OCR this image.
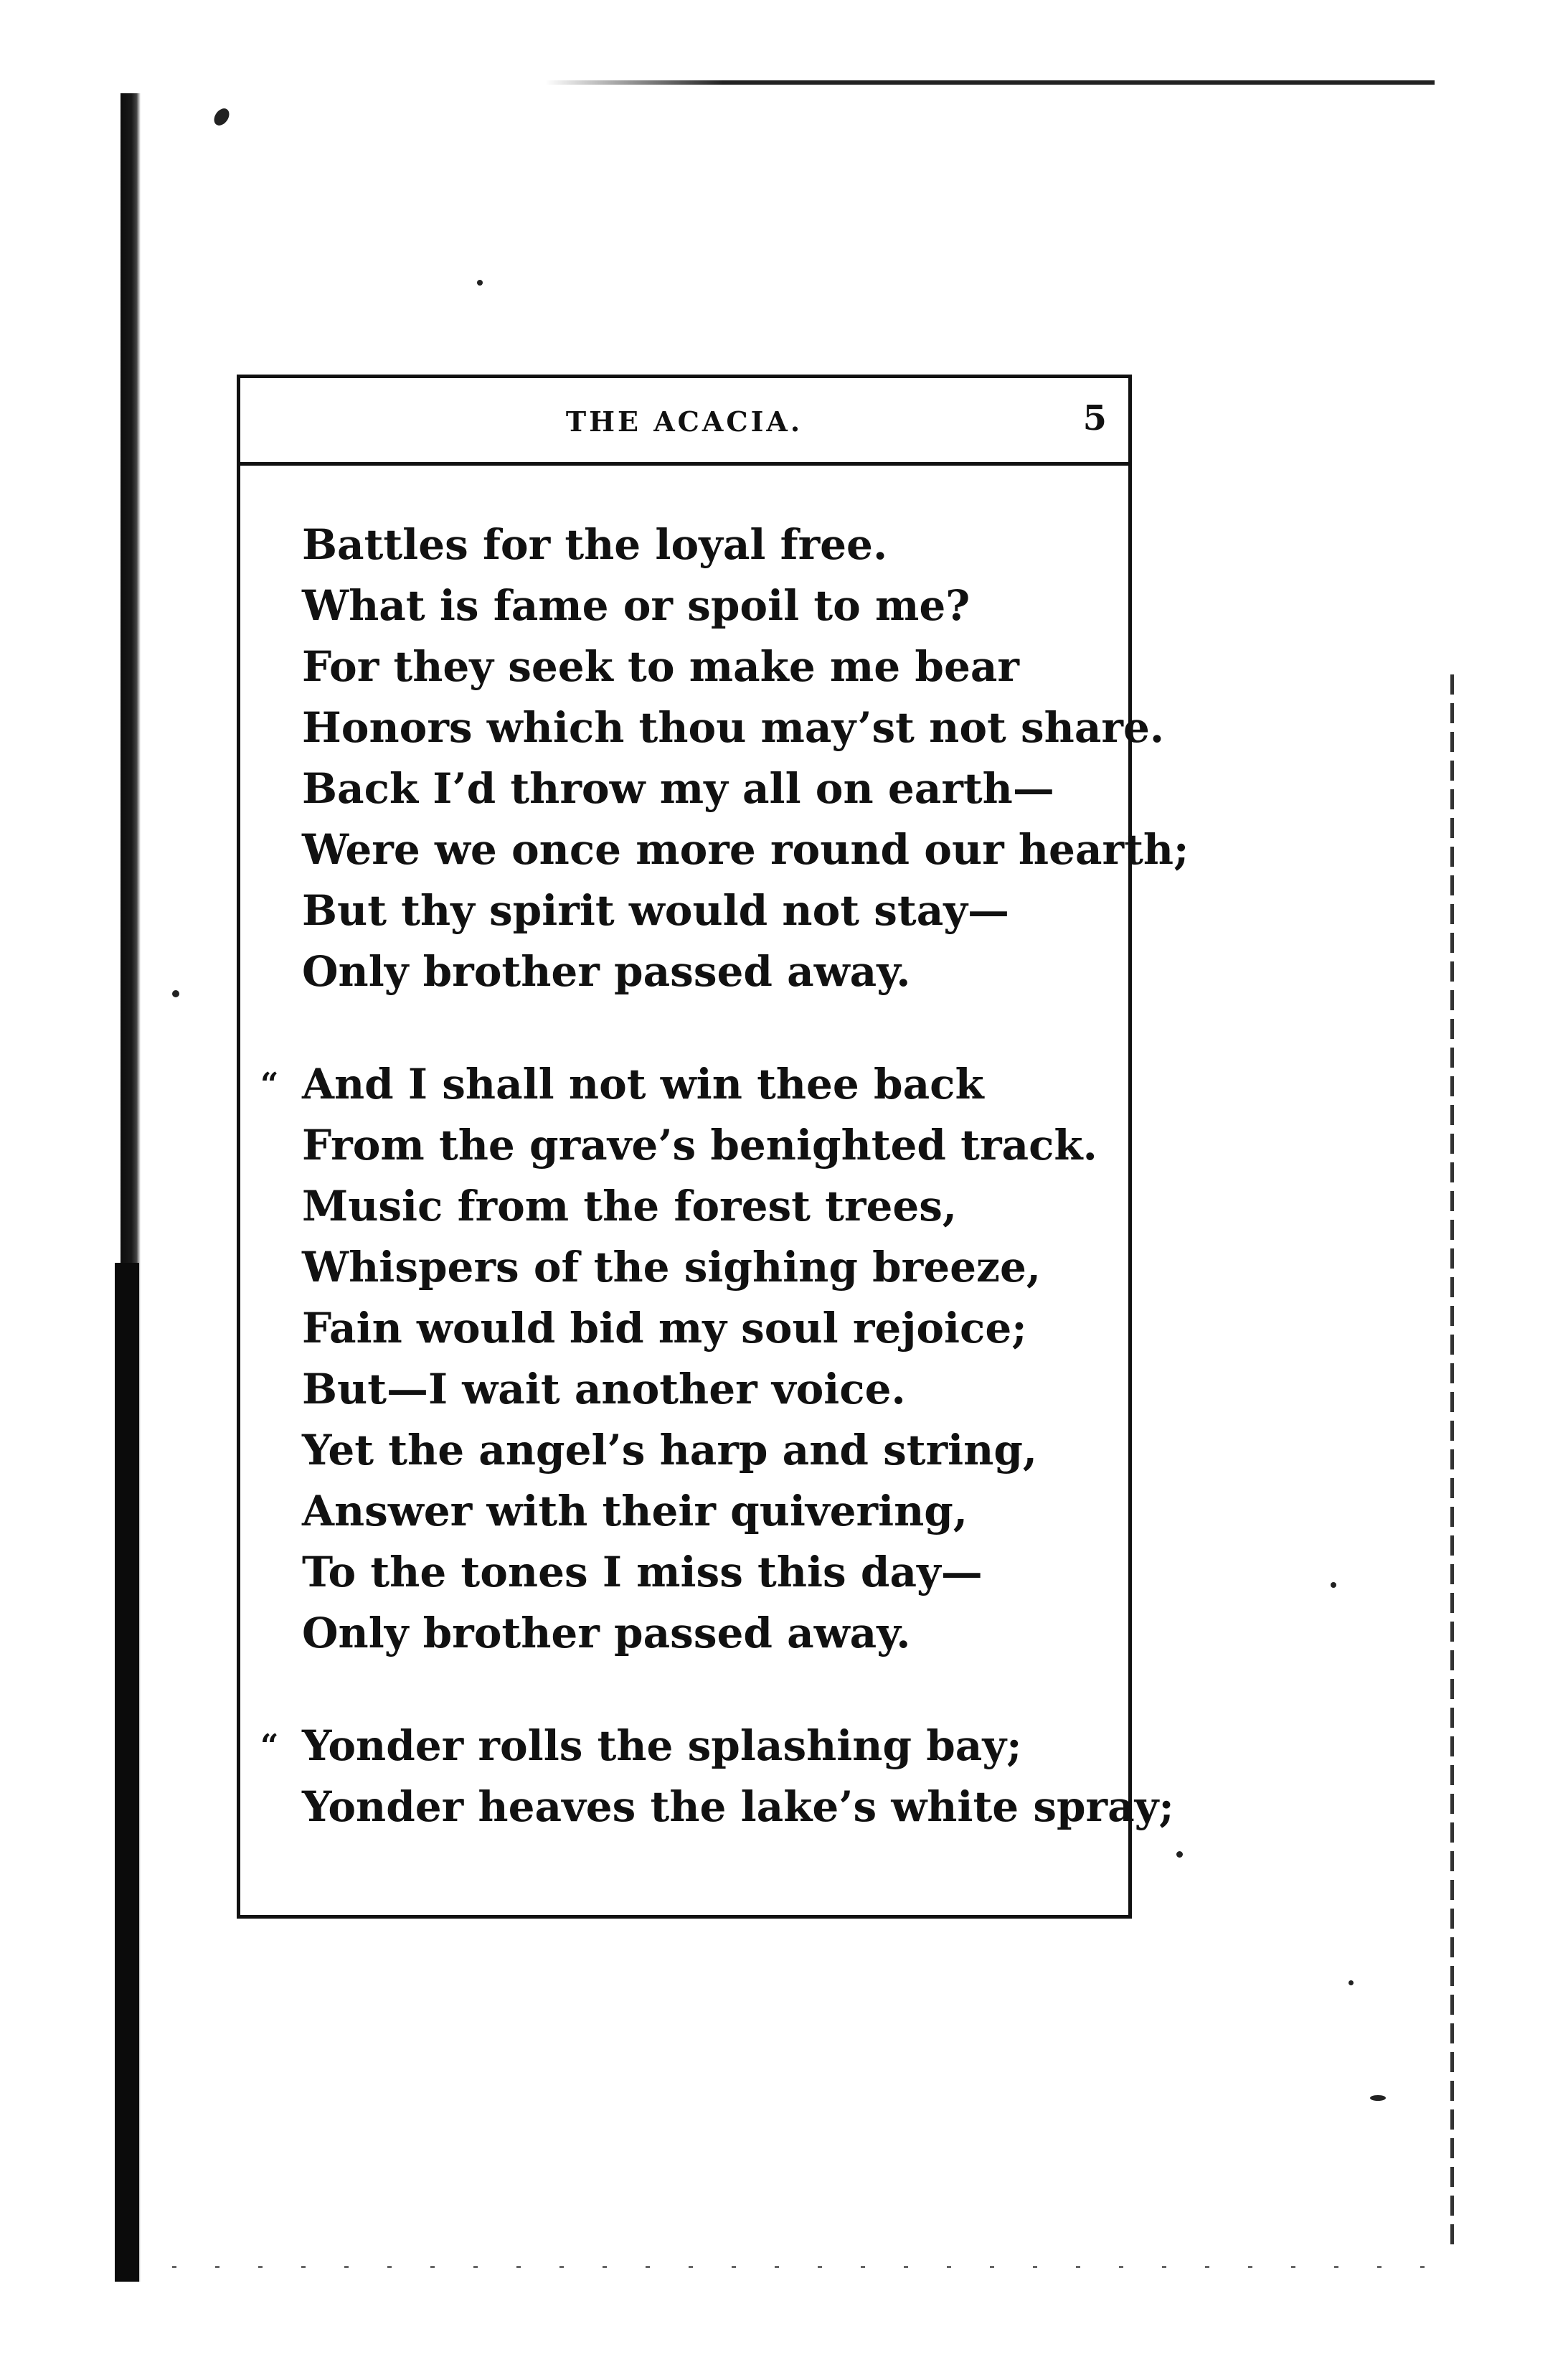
THE ACACIA.	5
Battles for the loyal free.
What is fame or spoil to me?
For they seek to make me bear
Honors which thou may’st not share.
Back I’d throw my all on earth—
Were we once more round our hearth;
But thy spirit would not stay—
Only brother passed away.
“ And I shall not win thee back
From the grave’s benighted track.
Music from the forest trees,
Whispers of the sighing breeze,
Fain would bid my soul rejoice;
But—I wait another voice.
Yet the angel’s harp and string,
Answer with their quivering,
To the tones I miss this day—
Only brother passed away.
“ Yonder rolls the splashing bay;
Yonder heaves the lake’s white spray;
